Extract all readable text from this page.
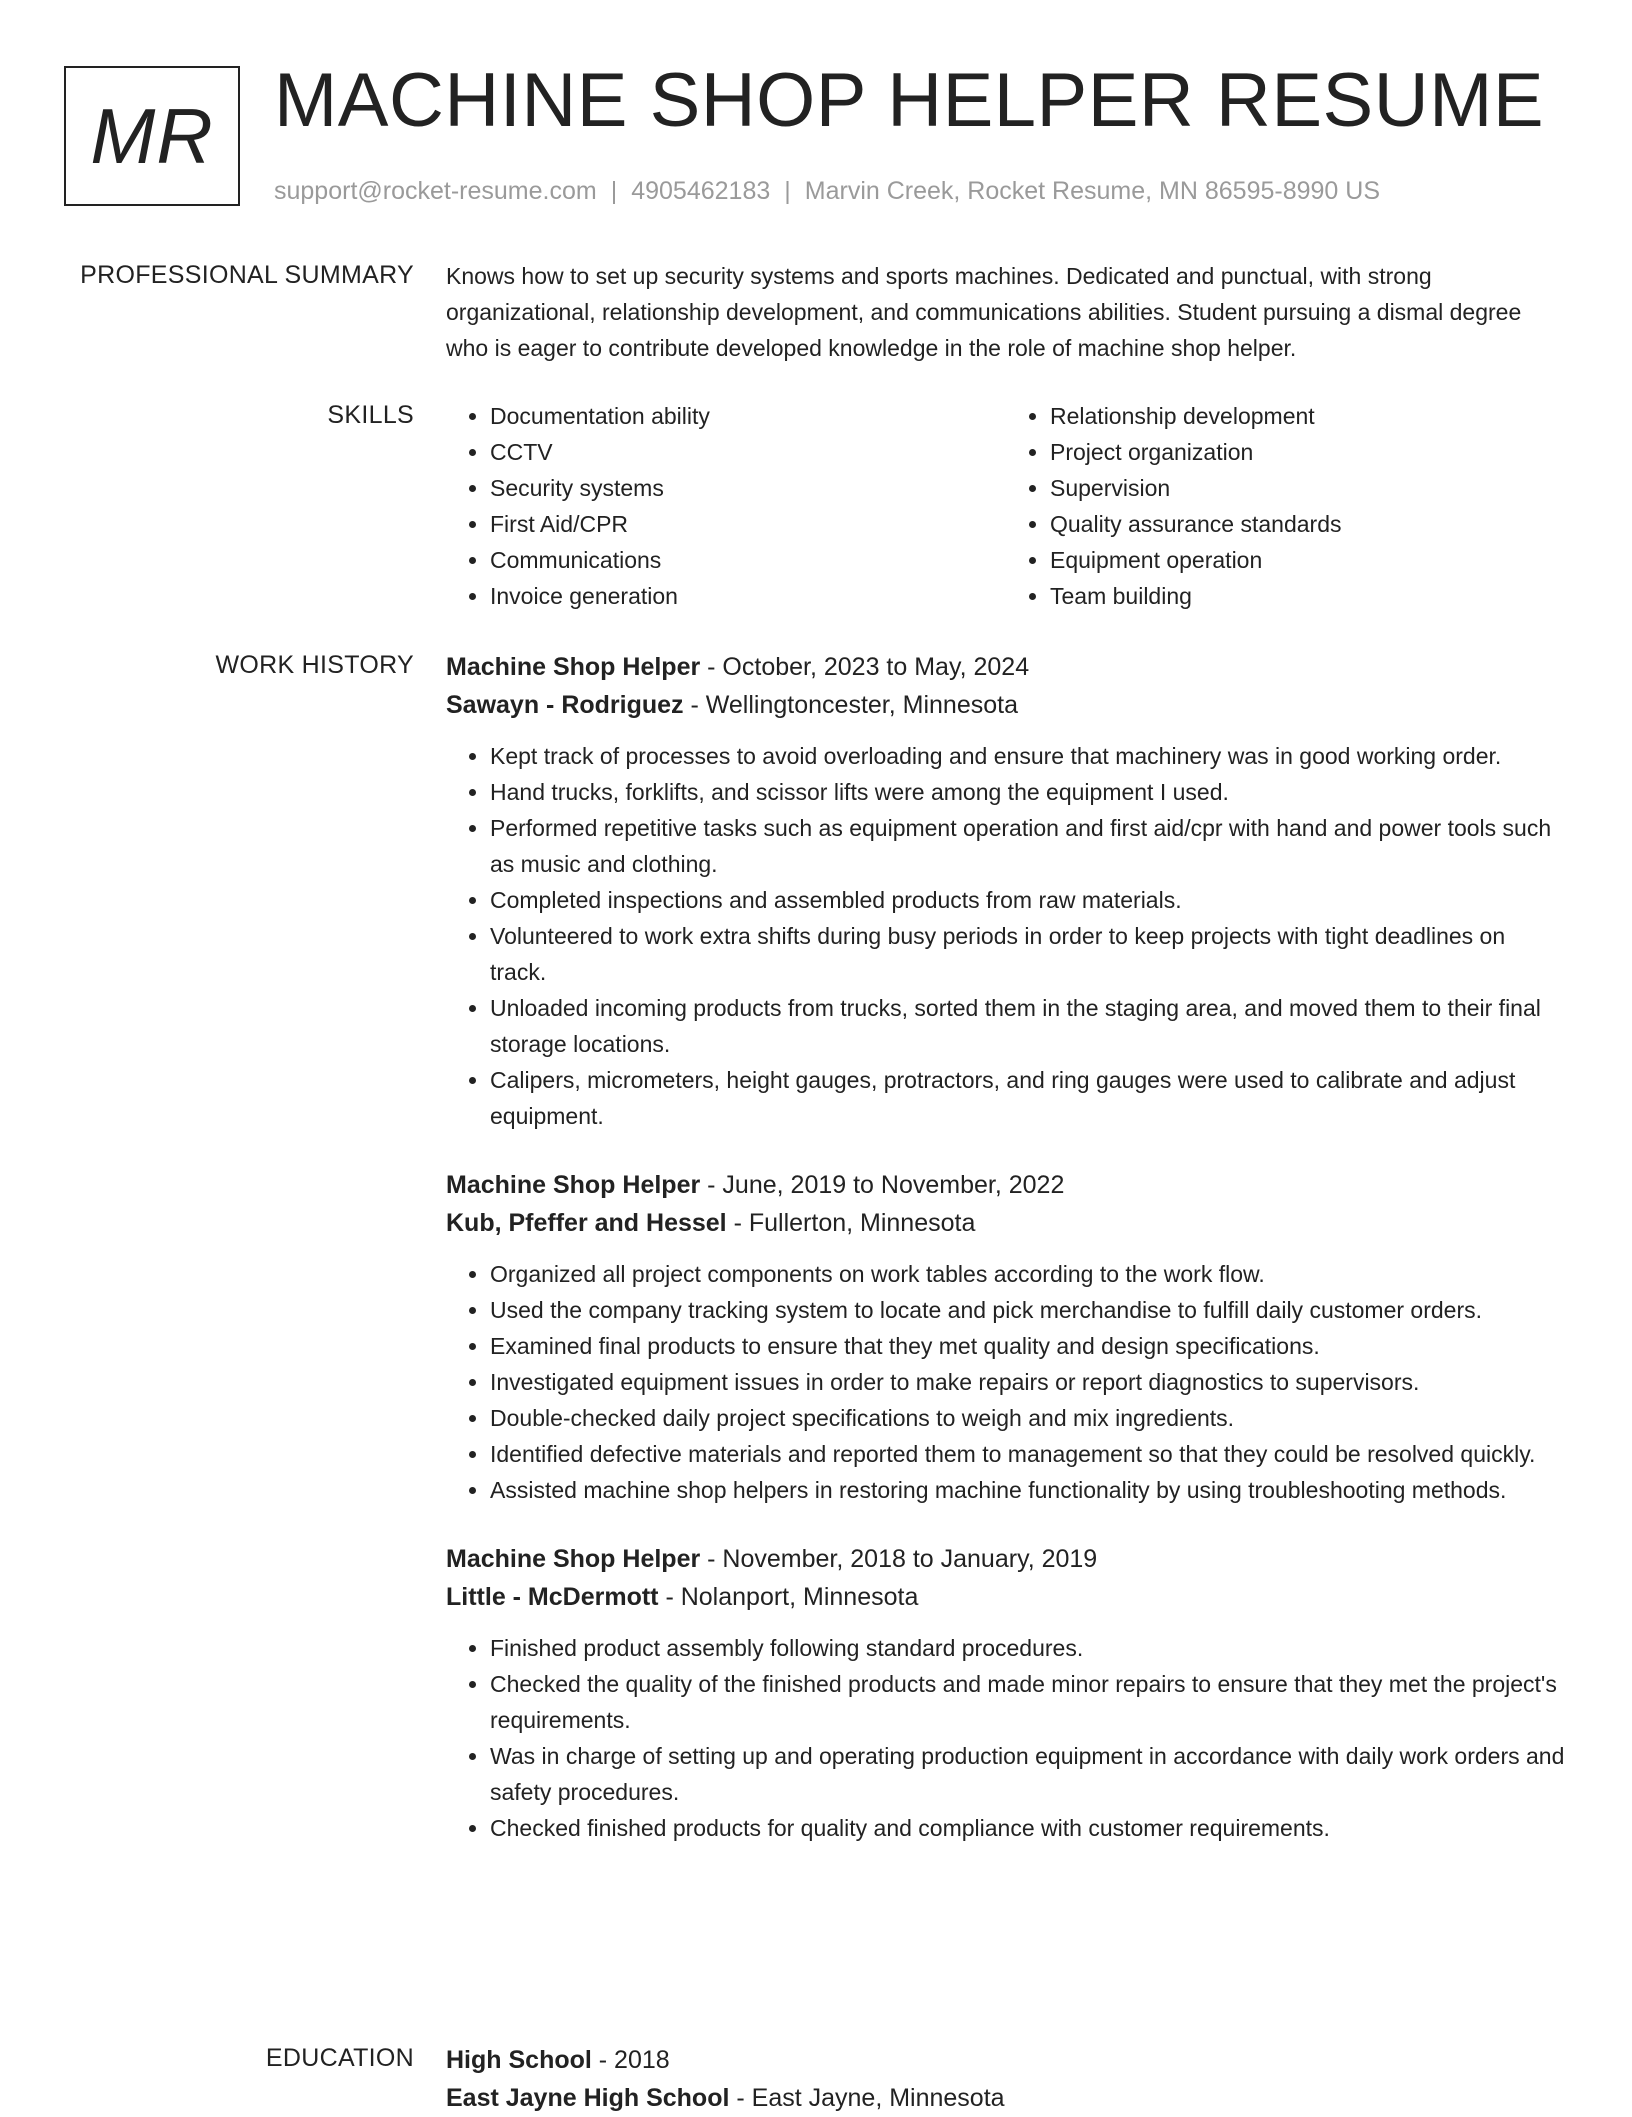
MR MACHINE SHOP HELPER RESUME
support@rocket-resume.com | 4905462183 | Marvin Creek, Rocket Resume, MN 86595-8990 US
PROFESSIONAL SUMMARY Knows how to set up security systems and sports machines. Dedicated and punctual, with strong organizational, relationship development, and communications abilities. Student pursuing a dismal degree who is eager to contribute developed knowledge in the role of machine shop helper.

SKILLS
•	Documentation ability
• CCTV
• Security systems
• First Aid/CPR
• Communications
• Invoice generation
• Relationship development
• Project organization
• Supervision
• Quality assurance standards
• Equipment operation
• Team building
WORK HISTORY Machine Shop Helper - October, 2023 to May, 2024
Sawayn - Rodriguez - Wellingtoncester, Minnesota
• Kept track of processes to avoid overloading and ensure that machinery was in good working order.
• Hand trucks, forklifts, and scissor lifts were among the equipment I used.
• Performed repetitive tasks such as equipment operation and first aid/cpr with hand and power tools such as music and clothing.
• Completed inspections and assembled products from raw materials.
• Volunteered to work extra shifts during busy periods in order to keep projects with tight deadlines on track.
• Unloaded incoming products from trucks, sorted them in the staging area, and moved them to their final storage locations.
• Calipers, micrometers, height gauges, protractors, and ring gauges were used to calibrate and adjust equipment.
Machine Shop Helper - June, 2019 to November, 2022
Kub, Pfeffer and Hessel - Fullerton, Minnesota
• Organized all project components on work tables according to the work flow.
• Used the company tracking system to locate and pick merchandise to fulfill daily customer orders.
• Examined final products to ensure that they met quality and design specifications.
• Investigated equipment issues in order to make repairs or report diagnostics to supervisors.
• Double-checked daily project specifications to weigh and mix ingredients.
• Identified defective materials and reported them to management so that they could be resolved quickly.
• Assisted machine shop helpers in restoring machine functionality by using troubleshooting methods.
Machine Shop Helper - November, 2018 to January, 2019
Little - McDermott - Nolanport, Minnesota
• Finished product assembly following standard procedures.
• Checked the quality of the finished products and made minor repairs to ensure that they met the project's requirements.
• Was in charge of setting up and operating production equipment in accordance with daily work orders and safety procedures.
• Checked finished products for quality and compliance with customer requirements.
EDUCATION High School - 2018
East Jayne High School - East Jayne, Minnesota
